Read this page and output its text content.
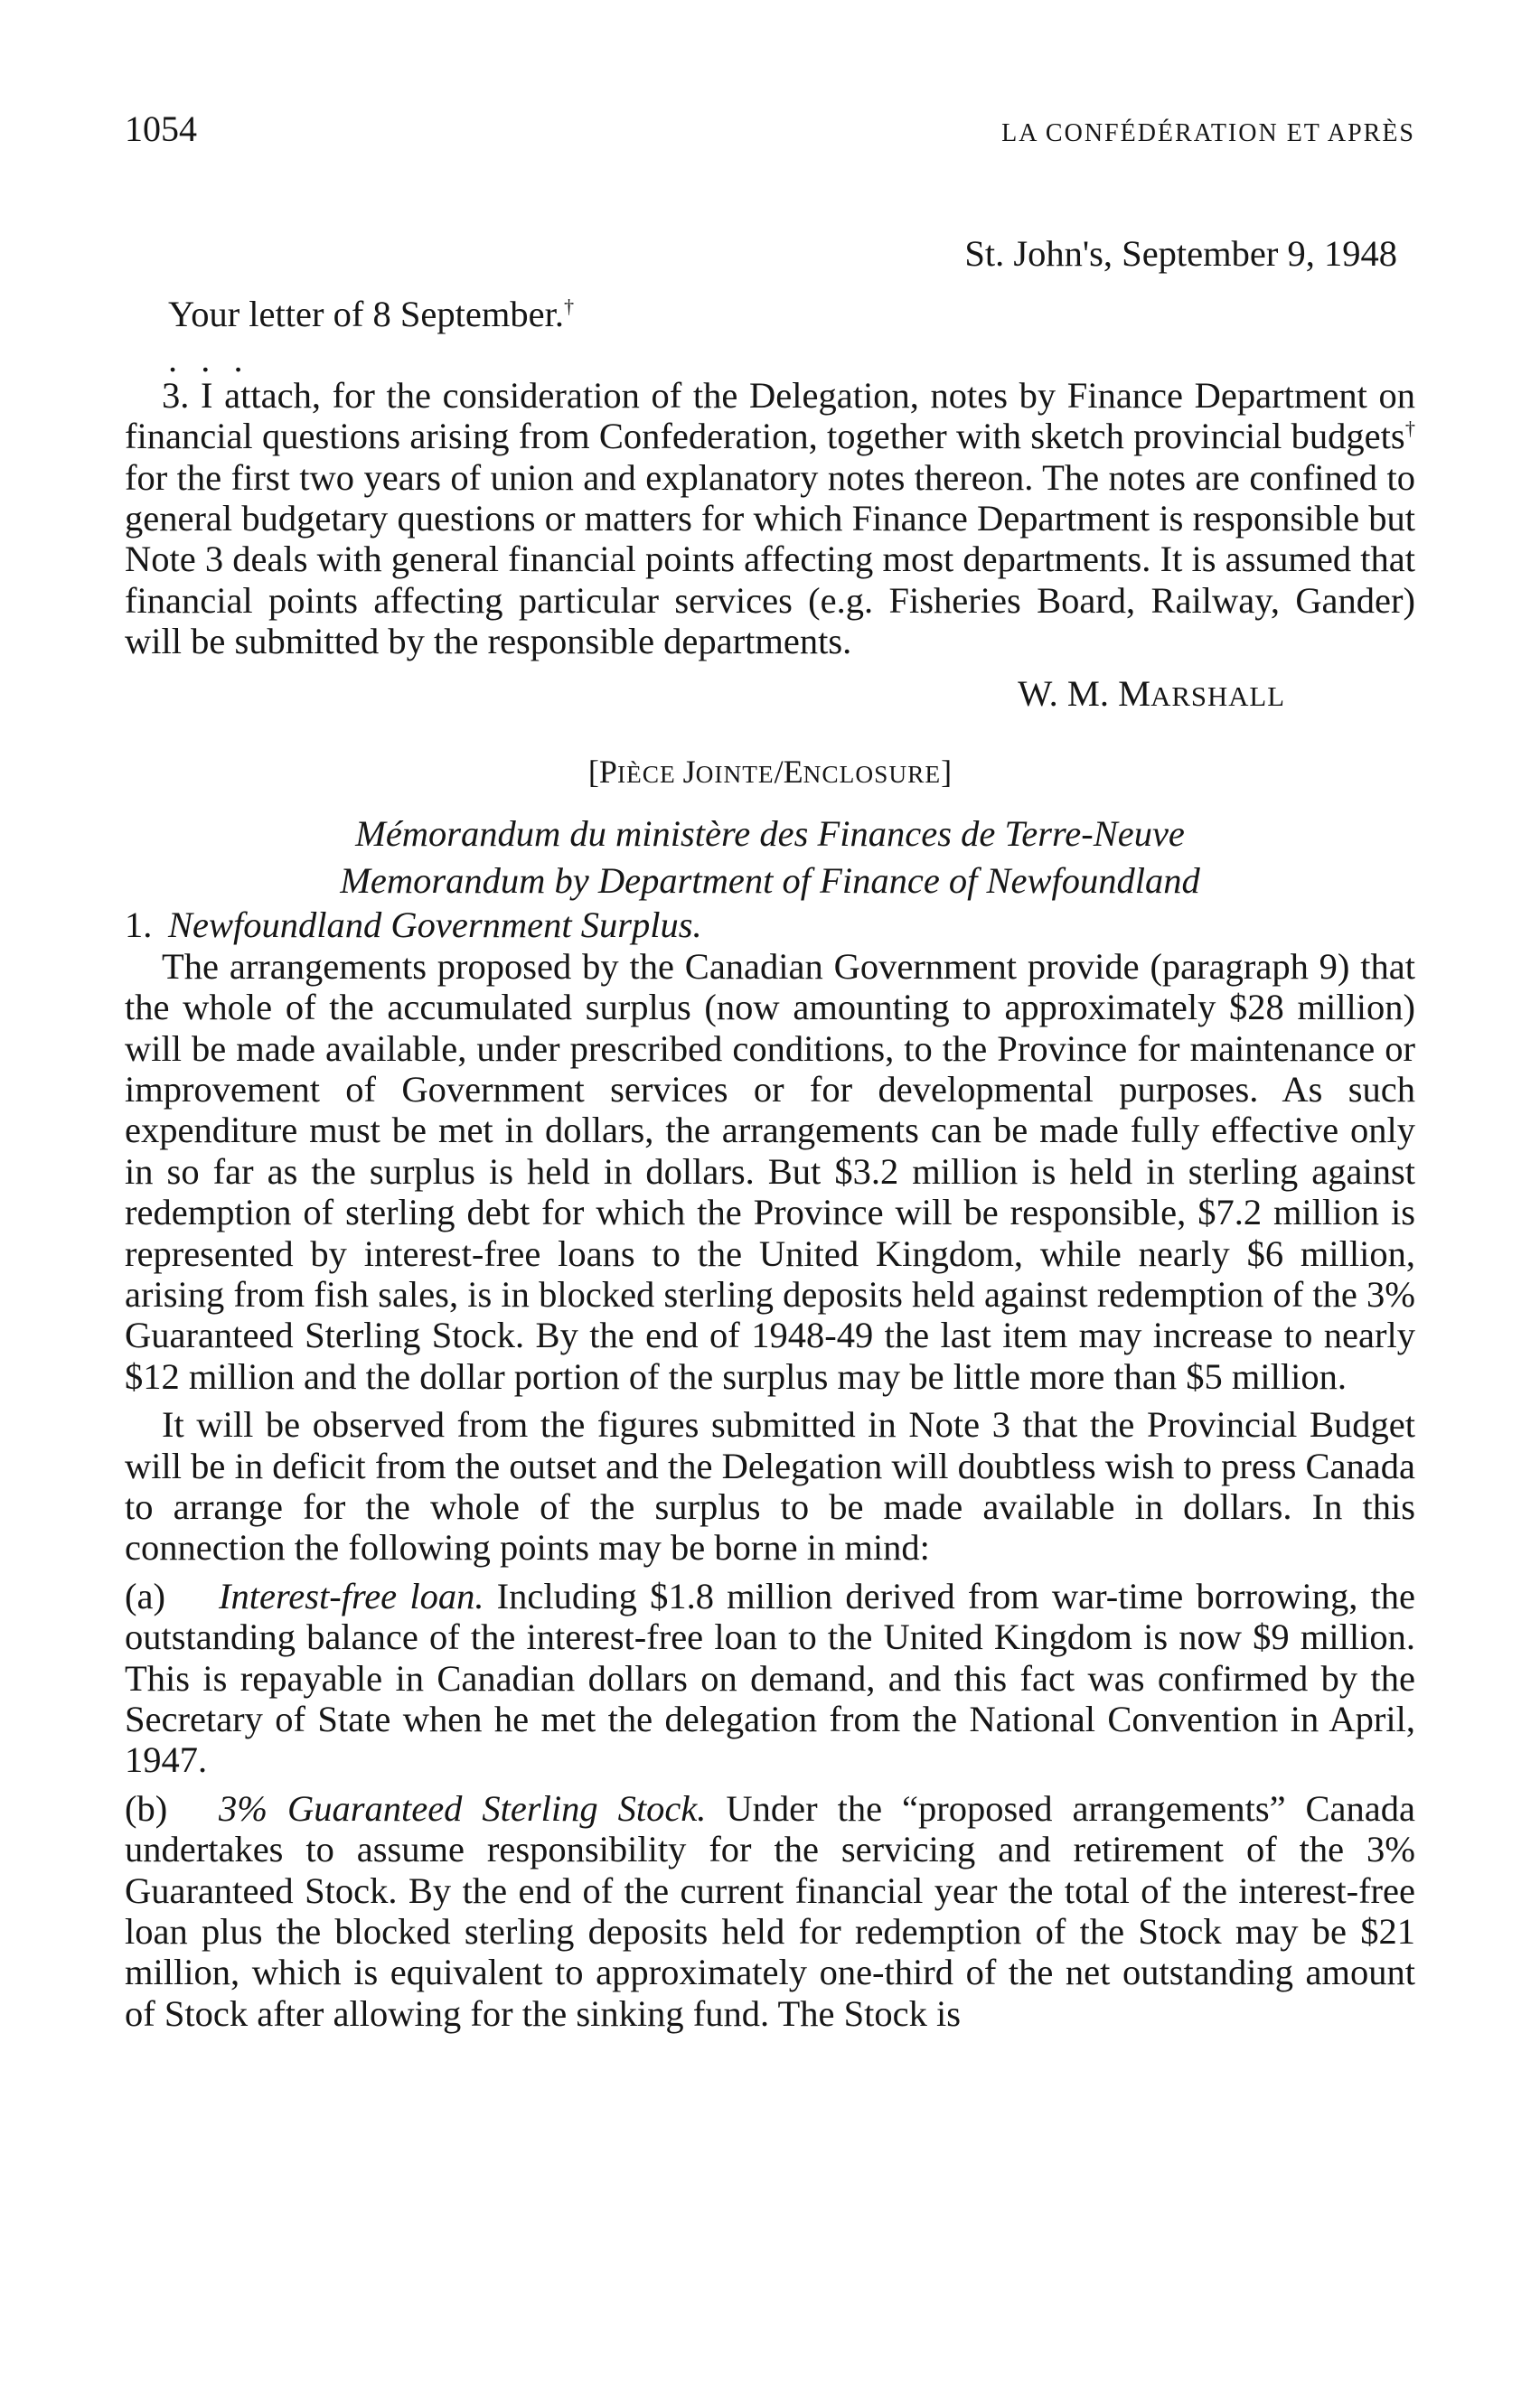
1054	LA CONFÉDÉRATION ET APRÈS

St. John's, September 9, 1948

Your letter of 8 September.†

. . .

3. I attach, for the consideration of the Delegation, notes by Finance Department on financial questions arising from Confederation, together with sketch provincial budgets† for the first two years of union and explanatory notes thereon. The notes are confined to general budgetary questions or matters for which Finance Department is responsible but Note 3 deals with general financial points affecting most departments. It is assumed that financial points affecting particular services (e.g. Fisheries Board, Railway, Gander) will be submitted by the responsible departments.

W. M. MARSHALL

[PIÈCE JOINTE/ENCLOSURE]

Mémorandum du ministère des Finances de Terre-Neuve

Memorandum by Department of Finance of Newfoundland

1. Newfoundland Government Surplus.

The arrangements proposed by the Canadian Government provide (paragraph 9) that the whole of the accumulated surplus (now amounting to approximately $28 million) will be made available, under prescribed conditions, to the Province for maintenance or improvement of Government services or for developmental purposes. As such expenditure must be met in dollars, the arrangements can be made fully effective only in so far as the surplus is held in dollars. But $3.2 million is held in sterling against redemption of sterling debt for which the Province will be responsible, $7.2 million is represented by interest-free loans to the United Kingdom, while nearly $6 million, arising from fish sales, is in blocked sterling deposits held against redemption of the 3% Guaranteed Sterling Stock. By the end of 1948-49 the last item may increase to nearly $12 million and the dollar portion of the surplus may be little more than $5 million.

It will be observed from the figures submitted in Note 3 that the Provincial Budget will be in deficit from the outset and the Delegation will doubtless wish to press Canada to arrange for the whole of the surplus to be made available in dollars. In this connection the following points may be borne in mind:

(a) Interest-free loan. Including $1.8 million derived from war-time borrowing, the outstanding balance of the interest-free loan to the United Kingdom is now $9 million. This is repayable in Canadian dollars on demand, and this fact was confirmed by the Secretary of State when he met the delegation from the National Convention in April, 1947.

(b) 3% Guaranteed Sterling Stock. Under the “proposed arrangements” Canada undertakes to assume responsibility for the servicing and retirement of the 3% Guaranteed Stock. By the end of the current financial year the total of the interest-free loan plus the blocked sterling deposits held for redemption of the Stock may be $21 million, which is equivalent to approximately one-third of the net outstanding amount of Stock after allowing for the sinking fund. The Stock is
